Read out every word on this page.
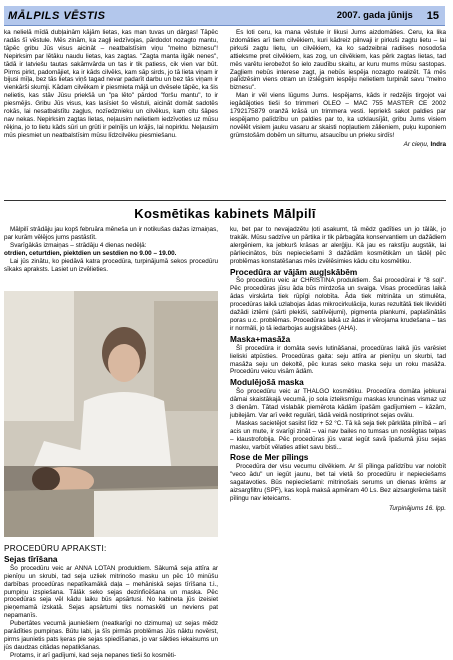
MĀLPILS VĒSTIS	2007. gada jūnijs 15

ka nelielā mīdā dubļainām kājām lietas, kas man tuvas un dārgas! Tāpēc radās šī vēstule. Mēs zinām, ka zagļi iedzīvojas, pārdodot nozagto mantu, tāpēc gribu Jūs visus aicināt – neatbalstīsim viņu "melno biznesu"! Nepirksim par lētāku naudu lietas, kas zagtas. "Zagta manta ilgāk nenes", tādā ir latviešu tautas sakāmvārda un tas ir tik patiess, cik vien var būt. Pirms pirkt, padomājiet, ka ir kāds cilvēks, kam sāp sirds, jo tā lieta viņam ir bijusi mīļa, bez tās lietas viņš tagad nevar padarīt darbu un bez tās viņam ir vienkārši skumji. Kādam cilvēkam ir piesmieta mājā un dvēsele tāpēc, ka šis nelietis, kas stāv Jūsu priekšā un "pa lēto" pārdod "foršu mantu", to ir piesmējis. Gribu Jūs visus, kas lasīsiet šo vēstuli, aicināt domāt sadotēs rokās, lai nesatbalstītu zagļus, nozīedznieku un cilvēkus, kam citu šāpes nav nekas. Nepirksim zagtas lietas, neļausim nelietiem iedzīvoties uz mūsu rēķina, jo to lietu kāds sūri un grūti ir pelnījis un krājis, lai nopirktu. Neļausim mūs piesmiet un neatbalstīsim mūsu līdzcilvēku piesmiešanu.

Es loti ceru, ka mana vēstule ir likusi Jums aizdomāties. Ceru, ka lika izdomāties arī tiem cilvēkiem, kuri kādreiz pilnvaji ir pirkuši zagtu lietu – lai pirkuši zagtu lietu, un cilvēkiem, ka ko sadzeibrai radiises nosodoša attieksme pret cilvēkiem, kas zog, un cilvēkiem, kas pērk zagtas lietas, tad mēs varētu ierobežot šo ielo zaudību skaitu, ar kuru mums mūsu sastopas. Zagļiem nebūs interese zagt, ja nebūs iespēja nozagto realizēt. Tā mēs palīdzēsim viens otram un izslēgsim iespēju nelietiem turpināt savu "melno biznesu".

Man ir vēl viens lūgums Jums. Iespējams, kāds ir redzējis tirgojot vai iegādājoties tieši šo trimmeri OLEO – MAC 755 MASTER CE 2002 1792175879 oranžā krāsā un trimmera vesti. Iepriekš sakot paldies par iespējamo palīdzību un paldies par to, ka uzklausījāt, gribu Jums visiem novēlēt visiem jauku vasaru ar skaisti nopļautiem zālieniem, puķu kuponiem grūmstošām dobēm un siltumu, atsaucību un prieku sirdīs!

Ar cieņu, Indra
Kosmētikas kabinets Mālpilī

Mālpilī strādāju jau kopš februāra mēneša un ir notikušas dažas izmaiņas, par kurām vēlējos jums pastāstīt.

Svarīgākās izmaiņas – strādāju 4 dienas nedēļā:

otrdien, ceturtdien, piektdien un sestdien no 9.00 – 19.00.

Lai jūs zinātu, ko piedāvā katra procedūra, turpinājumā sekos procedūru sīkaks apraksts. Lasiet un izvēlieties.

PROCEDŪRU APRAKSTI:
Sejas tīrīšana

Šo procedūru veic ar ANNA LOTAN produktiem. Sākumā seja attīra ar pienīņu un skrubi, tad seja uzliek mitrinošo masku un pēc 10 minūšu darbības procedūras nepatīkamākā daļa – mehāniskā sejas tīrīšana t.i., pumpiņu izspiešana. Tālāk seko sejas dezinficēšana un maska. Pēc procedūras seja vēl kādu laiku būs apsārtusi. No kabineta jūs izeisiet pieņemamā izskatā. Sejas apsārtumi tiks nomaskēti un neviens pat nepamanīs.

Pubertātes vecumā jauniešiem (neatkarīgi no dzimuma) uz sejas mēdz parādīties pumpiņas. Būtu labi, ja šīs pirmās problēmas Jūs nāktu novērst, pirms jaunietis pats ķeras pie sejas spiedīšanas, jo var sākties iekaisums un jūs daudzas citādas nepatikšanas.

Protams, ir arī gadījumi, kad seja nepanes tieši šo kosmēti-

ku, bet par to nevajadzētu ļoti asakumt, tā mēdz gadīties un jo tālāk, jo trakāk. Mūsu sadzīve un pārtika ir tik pārbagāta konservantiem un dažādiem alergēniem, ka jebkurš krāsas ar alerģiju. Kā jau es rakstīju augstāk, lai pārliecinātos, būs nepieciešami 3 dažādām kosmētikām un tādēļ pēc problēmas konstatēšanas mēs izvēlēsimies kādu citu kosmētiku.

Procedūra ar vājām augļskābēm

Šo procedūru veic ar CHRISTINA produktiem. Šai procedūrai ir "8 soļi". Pēc procedūras jūsu āda būs mirdzoša un svaiga. Visas procedūras laikā ādas virskārta tiek rūpīgi nolobīta. Āda tiek mitrināta un stimulēta, procedūras laikā uzlabojas ādas mikrocirkulācija, kuras rezultātā tiek likvidēti dažādi iztēmi (sārti plekiši, sablīvējumi), pigmenta plankumi, paplašinātās poras u.c. problēmas. Procedūras laikā uz ādas ir vērojama krudešana – tas ir normāli, jo tā iedarbojas augļskābes (AHA).

Maska+masāža

Šī procedūra ir domāta sevis lutināšanai, procedūras laikā jūs varēsiet lieliski atpūsties. Procedūras gaita: seju attīra ar pienīņu un skurbi, tad masāža seju un dekoltē, pēc kuras seko maska seju un roku masāža. Procedūru veicu visām ādām.

Modulējošā maska

Šo procedūru veic ar THALGO kosmētiku. Procedūra domāta jebkurai dāmai skaistākajā vecumā, jo sola izteiksmīgu maskas kruncinas vismaz uz 3 dienām. Tātad vislabāk piemērota kādām īpašām gadījumiem – kāzām, jubilejām. Var arī veikt regulāri, tādā veidā nostiprinot sejas ovālu.

Maskas sacietējot sasilst līdz + 52 °C. Tā kā seja tiek pārklāta pilnībā – arī acis un mute, ir svarīgi zināt – vai nav bailes no tumsas un noslēgtas telpas – klaustrofobija. Pēc procedūras jūs varat iegūt savā īpašumā jūsu sejas masku, varbūt vēlaties atliet savu bisti...

Rose de Mer pīlings

Procedūra der visu vecumu cilvēkiem. Ar šī pīlinga palīdzību var nolobīt "veco ādu" un iegūt jaunu, bet tai vietā šo procedūru ir nepieciešams sagatavoties. Būs nepieciešami: mitrinošais serums un dienas krēms ar aizsargfiltru (SPF), kas kopā maksā apmēram 40 Ls. Bez aizsargkrēma taisīt pīlingu nav ieteicams.

Turpinājums 16. lpp.
